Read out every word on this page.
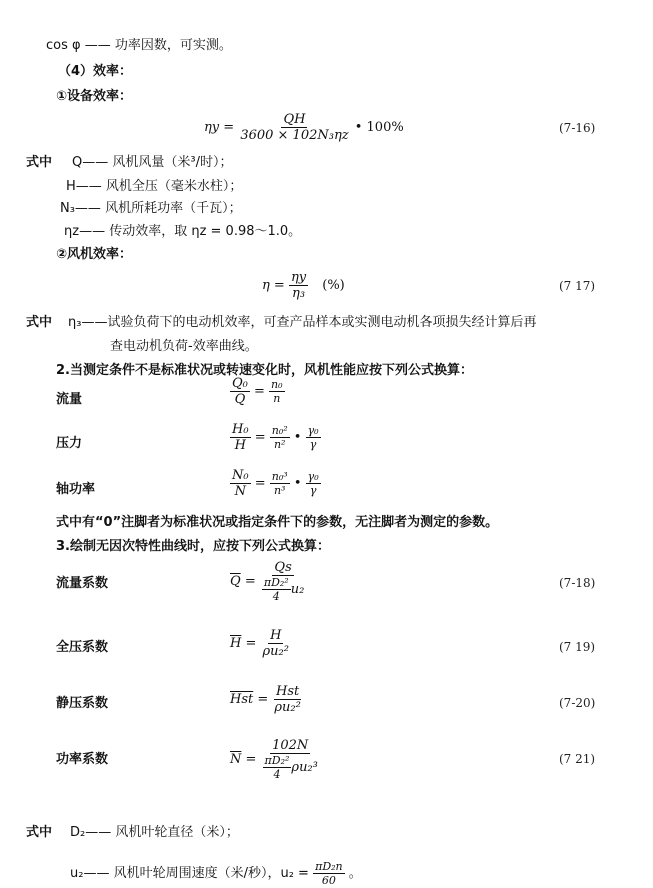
cos φ —— 功率因数，可实测。
（4）效率：
①设备效率：
$\eta y = \frac{QH}{\text{3600 × 102N₃ηz}}$ • 100%	(7-16)
式中 Q—— 风机风量（米³/时）；
H—— 风机全压（毫米水柱）；
N₃—— 风机所耗功率（千瓦）；
ηz—— 传动效率，取 ηz = 0.98～1.0。
②风机效率：
$\eta = \frac{\eta y}{\text{η₃}}$ (%)	(7 17)
式中 η₃——试验负荷下的电动机效率，可查产品样本或实测电动机各项损失经计算后再
查电动机负荷-效率曲线。
2.当测定条件不是标准状况或转速变化时，风机性能应按下列公式换算：
流量	$\frac{\text{Q₀}}{Q} = \frac{\text{n₀}}{n}$
压力	$\frac{\text{H₀}}{H} = \frac{\text{n₀²}}{\text{n²}}$ • $\frac{\text{γ₀}}{\gamma}$
轴功率	$\frac{\text{N₀}}{N} = \frac{\text{n₀³}}{\text{n³}}$ • $\frac{\text{γ₀}}{\gamma}$
式中有“0”注脚者为标准状况或指定条件下的参数，无注脚者为测定的参数。
3.绘制无因次特性曲线时，应按下列公式换算：
流量系数	$\overline{Q} = \frac{Qs}{\frac{\text{πD₂²}}{4} u_2}$	(7-18)
全压系数	$\overline{H} = \frac{H}{\text{ρu₂²}}$	(7 19)
静压系数	$\overline{Hst} = \frac{\text{Hst}}{\text{ρu₂²}}$	(7-20)
功率系数	$\overline{N} = \frac{102N}{\frac{\text{πD₂²}}{4} \rho u_2^3}$	(7 21)
式中 D₂—— 风机叶轮直径（米）；
u₂—— 风机叶轮周围速度（米/秒），$u_2 = \frac{\text{πD₂n}}{60}$ 。
